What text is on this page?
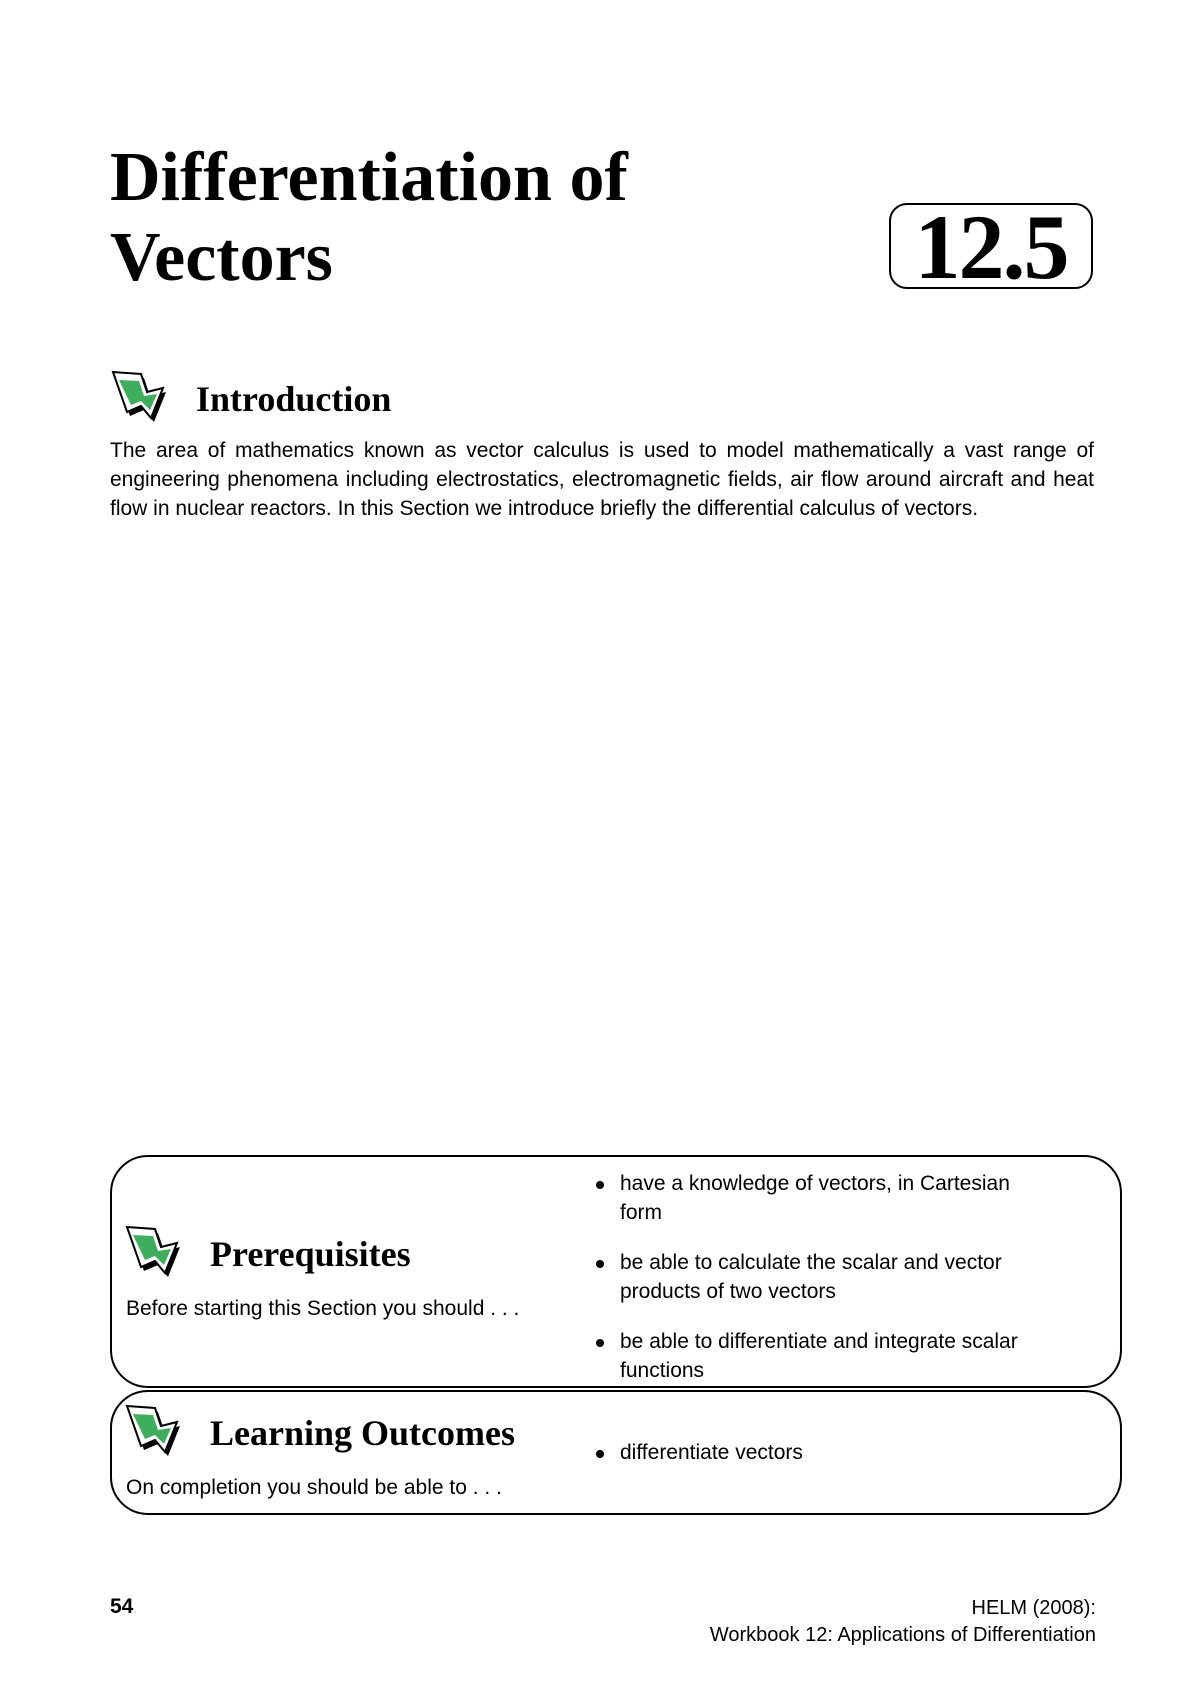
Differentiation of
Vectors	12.5
Introduction

The area of mathematics known as vector calculus is used to model mathematically a vast range of engineering phenomena including electrostatics, electromagnetic fields, air flow around aircraft and heat flow in nuclear reactors. In this Section we introduce briefly the differential calculus of vectors.

Prerequisites
Before starting this Section you should . . .
have a knowledge of vectors, in Cartesian form
be able to calculate the scalar and vector products of two vectors
be able to differentiate and integrate scalar functions
Learning Outcomes
On completion you should be able to . . .
differentiate vectors
54	HELM (2008):
Workbook 12: Applications of Differentiation
